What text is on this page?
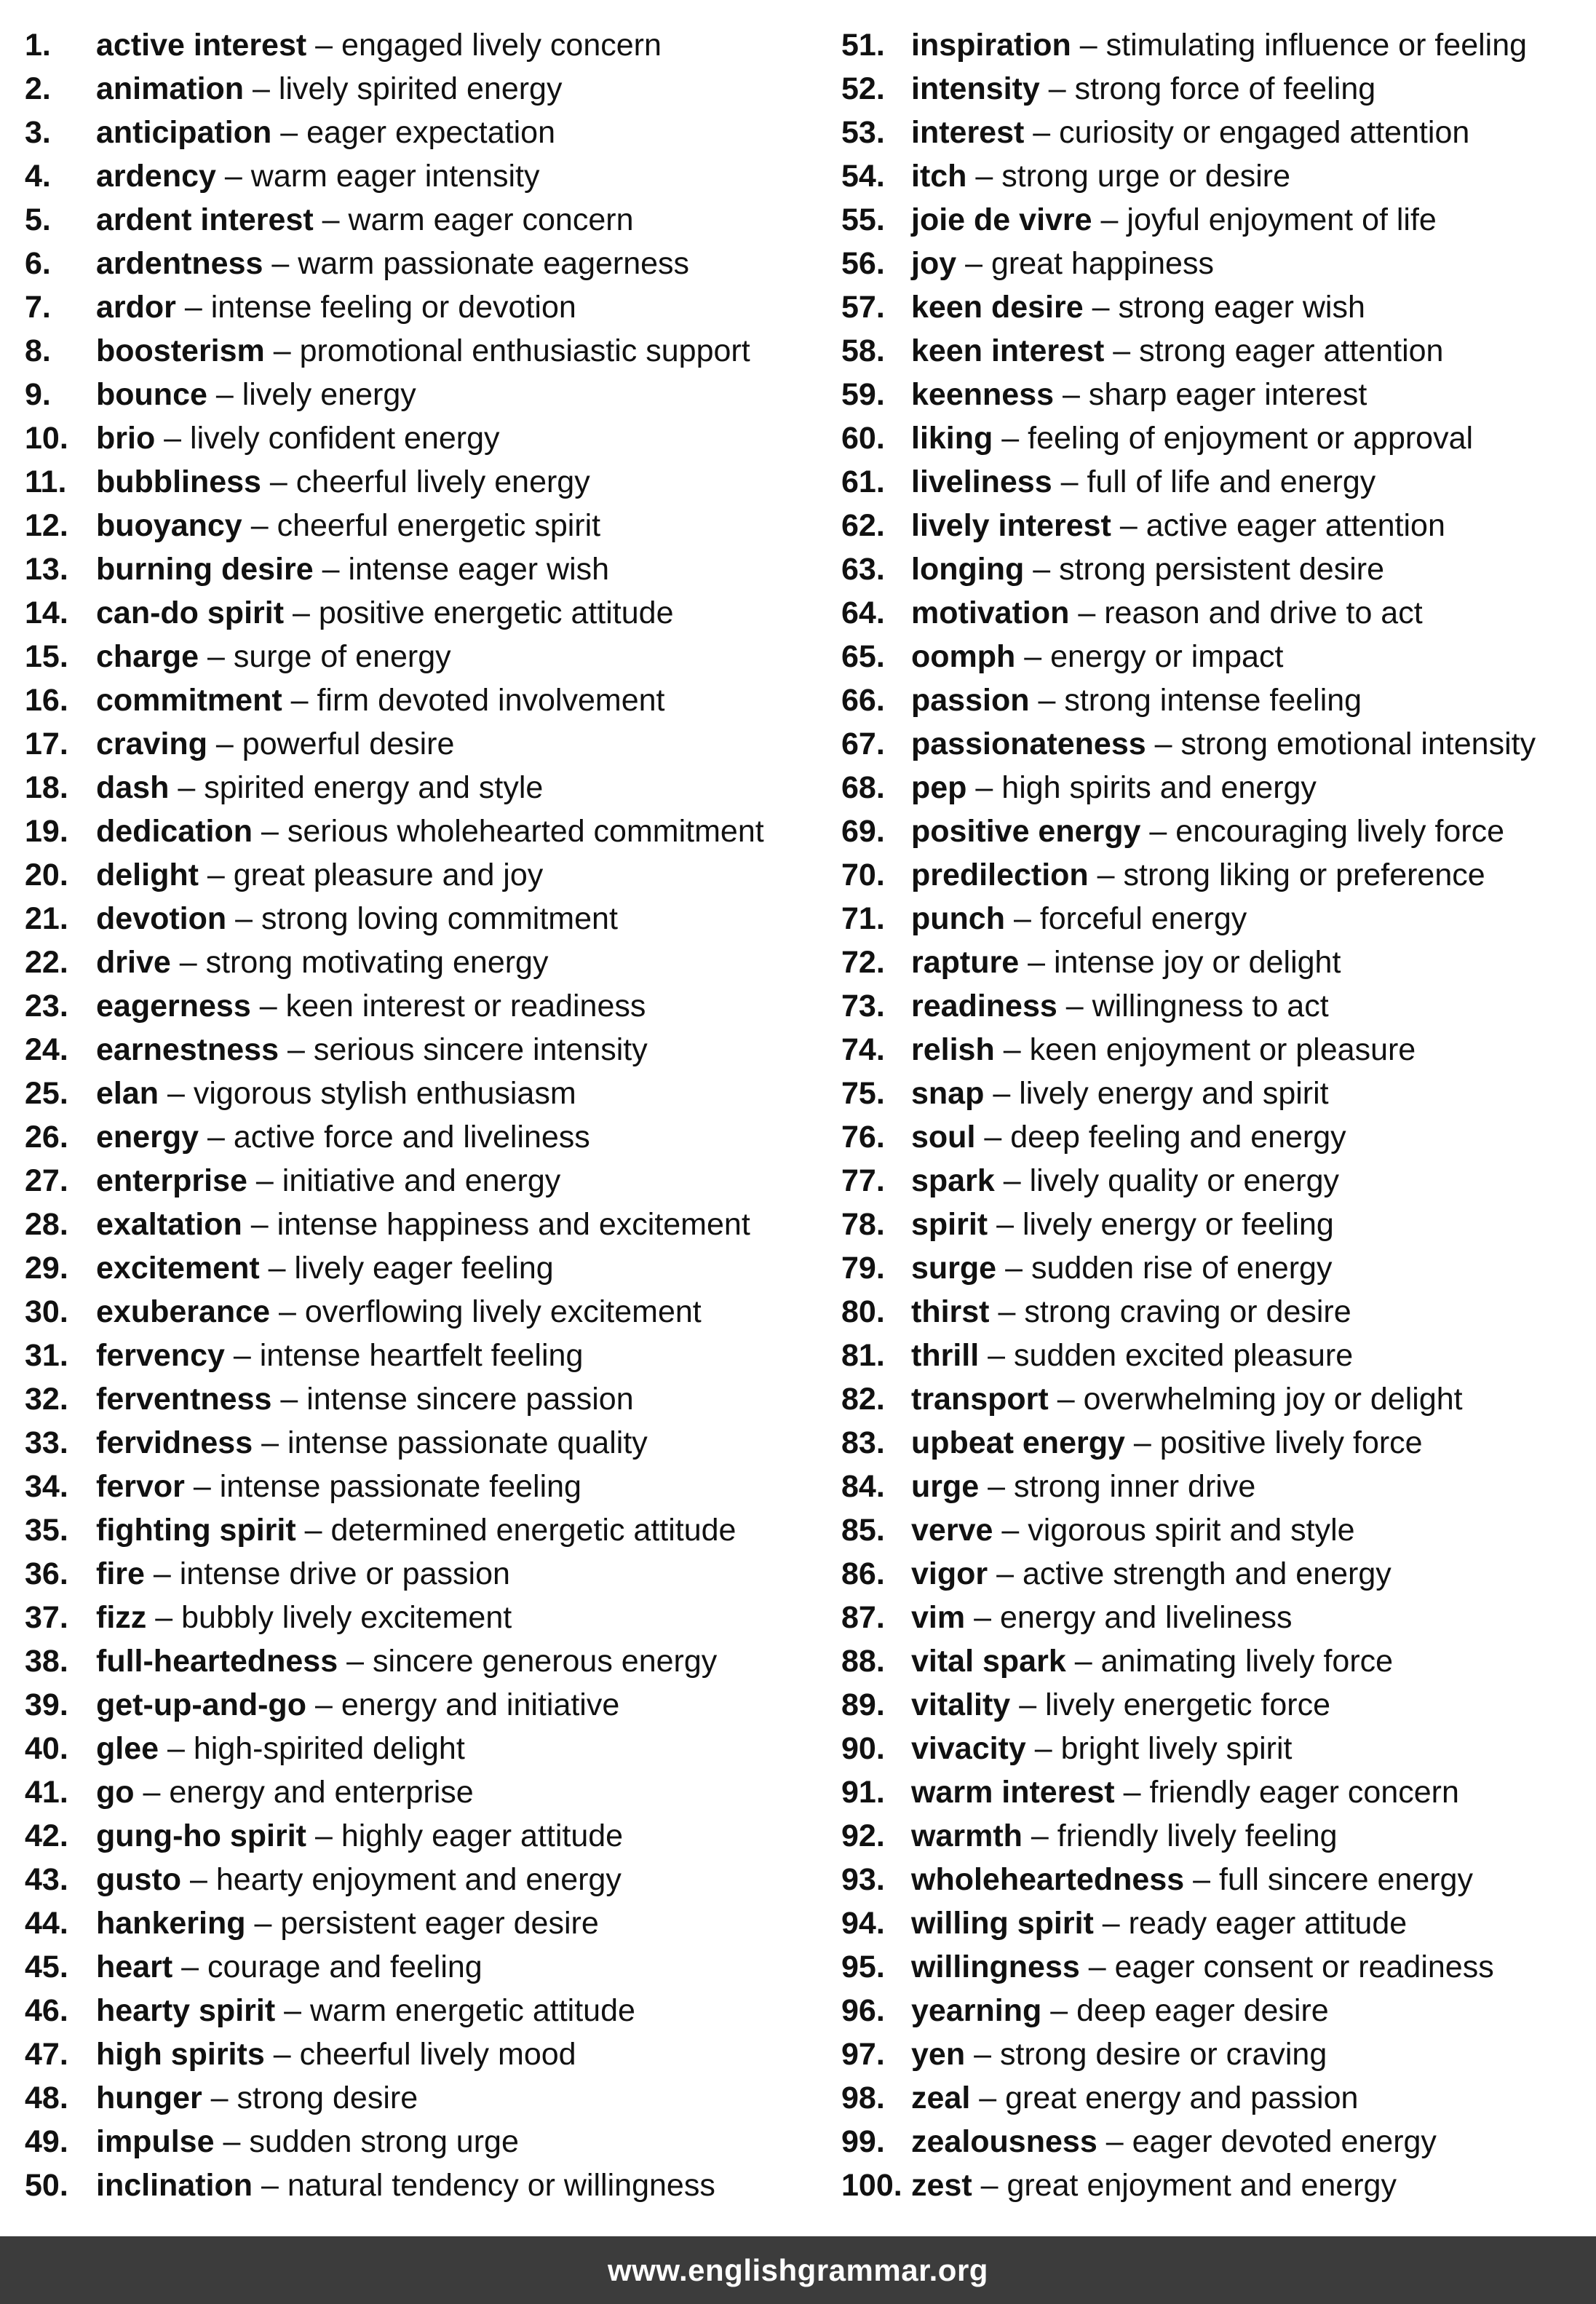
1. active interest – engaged lively concern
2. animation – lively spirited energy
3. anticipation – eager expectation
4. ardency – warm eager intensity
5. ardent interest – warm eager concern
6. ardentness – warm passionate eagerness
7. ardor – intense feeling or devotion
8. boosterism – promotional enthusiastic support
9. bounce – lively energy
10. brio – lively confident energy
11. bubbliness – cheerful lively energy
12. buoyancy – cheerful energetic spirit
13. burning desire – intense eager wish
14. can-do spirit – positive energetic attitude
15. charge – surge of energy
16. commitment – firm devoted involvement
17. craving – powerful desire
18. dash – spirited energy and style
19. dedication – serious wholehearted commitment
20. delight – great pleasure and joy
21. devotion – strong loving commitment
22. drive – strong motivating energy
23. eagerness – keen interest or readiness
24. earnestness – serious sincere intensity
25. elan – vigorous stylish enthusiasm
26. energy – active force and liveliness
27. enterprise – initiative and energy
28. exaltation – intense happiness and excitement
29. excitement – lively eager feeling
30. exuberance – overflowing lively excitement
31. fervency – intense heartfelt feeling
32. ferventness – intense sincere passion
33. fervidness – intense passionate quality
34. fervor – intense passionate feeling
35. fighting spirit – determined energetic attitude
36. fire – intense drive or passion
37. fizz – bubbly lively excitement
38. full-heartedness – sincere generous energy
39. get-up-and-go – energy and initiative
40. glee – high-spirited delight
41. go – energy and enterprise
42. gung-ho spirit – highly eager attitude
43. gusto – hearty enjoyment and energy
44. hankering – persistent eager desire
45. heart – courage and feeling
46. hearty spirit – warm energetic attitude
47. high spirits – cheerful lively mood
48. hunger – strong desire
49. impulse – sudden strong urge
50. inclination – natural tendency or willingness
51. inspiration – stimulating influence or feeling
52. intensity – strong force of feeling
53. interest – curiosity or engaged attention
54. itch – strong urge or desire
55. joie de vivre – joyful enjoyment of life
56. joy – great happiness
57. keen desire – strong eager wish
58. keen interest – strong eager attention
59. keenness – sharp eager interest
60. liking – feeling of enjoyment or approval
61. liveliness – full of life and energy
62. lively interest – active eager attention
63. longing – strong persistent desire
64. motivation – reason and drive to act
65. oomph – energy or impact
66. passion – strong intense feeling
67. passionateness – strong emotional intensity
68. pep – high spirits and energy
69. positive energy – encouraging lively force
70. predilection – strong liking or preference
71. punch – forceful energy
72. rapture – intense joy or delight
73. readiness – willingness to act
74. relish – keen enjoyment or pleasure
75. snap – lively energy and spirit
76. soul – deep feeling and energy
77. spark – lively quality or energy
78. spirit – lively energy or feeling
79. surge – sudden rise of energy
80. thirst – strong craving or desire
81. thrill – sudden excited pleasure
82. transport – overwhelming joy or delight
83. upbeat energy – positive lively force
84. urge – strong inner drive
85. verve – vigorous spirit and style
86. vigor – active strength and energy
87. vim – energy and liveliness
88. vital spark – animating lively force
89. vitality – lively energetic force
90. vivacity – bright lively spirit
91. warm interest – friendly eager concern
92. warmth – friendly lively feeling
93. wholeheartedness – full sincere energy
94. willing spirit – ready eager attitude
95. willingness – eager consent or readiness
96. yearning – deep eager desire
97. yen – strong desire or craving
98. zeal – great energy and passion
99. zealousness – eager devoted energy
100. zest – great enjoyment and energy
www.englishgrammar.org
